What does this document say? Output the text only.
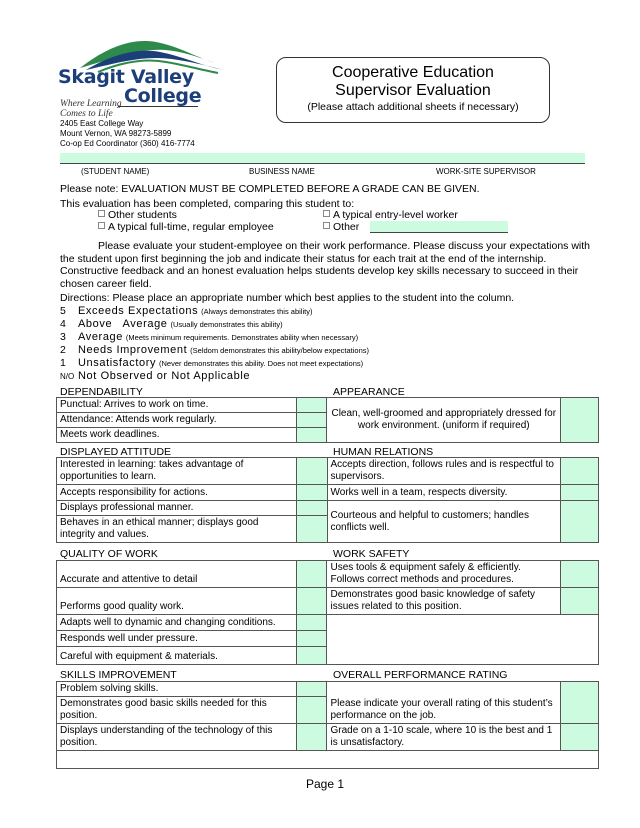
Skagit Valley
College
Where Learning
Comes to Life
2405 East College Way
Mount Vernon, WA 98273-5899
Co-op Ed Coordinator (360) 416-7774
Cooperative Education
Supervisor Evaluation
(Please attach additional sheets if necessary)
(STUDENT NAME)	BUSINESS NAME	WORK-SITE SUPERVISOR
Please note: EVALUATION MUST BE COMPLETED BEFORE A GRADE CAN BE GIVEN.
This evaluation has been completed, comparing this student to:
Other students
A typical full-time, regular employee
A typical entry-level worker
Other
Please evaluate your student-employee on their work performance. Please discuss your expectations with the student upon first beginning the job and indicate their status for each trait at the end of the internship. Constructive feedback and an honest evaluation helps students develop key skills necessary to succeed in their chosen career field.
Directions: Please place an appropriate number which best applies to the student into the column.
5 Exceeds Expectations (Always demonstrates this ability)
4 Above   Average (Usually demonstrates this ability)
3 Average (Meets minimum requirements. Demonstrates ability when necessary)
2 Needs Improvement (Seldom demonstrates this ability/below expectations)
1 Unsatisfactory (Never demonstrates this ability. Does not meet expectations)
N/O Not Observed or Not Applicable
DEPENDABILITY	APPEARANCE
Punctual: Arrives to work on time.		Clean, well-groomed and appropriately dressed for work environment. (uniform if required)	
Attendance: Attends work regularly.			
Meets work deadlines.			
DISPLAYED ATTITUDE	HUMAN RELATIONS
Interested in learning: takes advantage of opportunities to learn.		Accepts direction, follows rules and is respectful to supervisors.	
Accepts responsibility for actions.		Works well in a team, respects diversity.	
Displays professional manner.		Courteous and helpful to customers; handles conflicts well.	
Behaves in an ethical manner; displays good integrity and values.			
QUALITY OF WORK	WORK SAFETY
Accurate and attentive to detail		Uses tools & equipment safely & efficiently. Follows correct methods and procedures.	
Performs good quality work.		Demonstrates good basic knowledge of safety issues related to this position.	
Adapts well to dynamic and changing conditions.			
Responds well under pressure.			
Careful with equipment & materials.			
SKILLS IMPROVEMENT	OVERALL PERFORMANCE RATING
Problem solving skills.			
Demonstrates good basic skills needed for this position.		Please indicate your overall rating of this student’s performance on the job.	
Displays understanding of the technology of this position.		Grade on a 1-10 scale, where 10 is the best and 1 is unsatisfactory.	

Page 1
